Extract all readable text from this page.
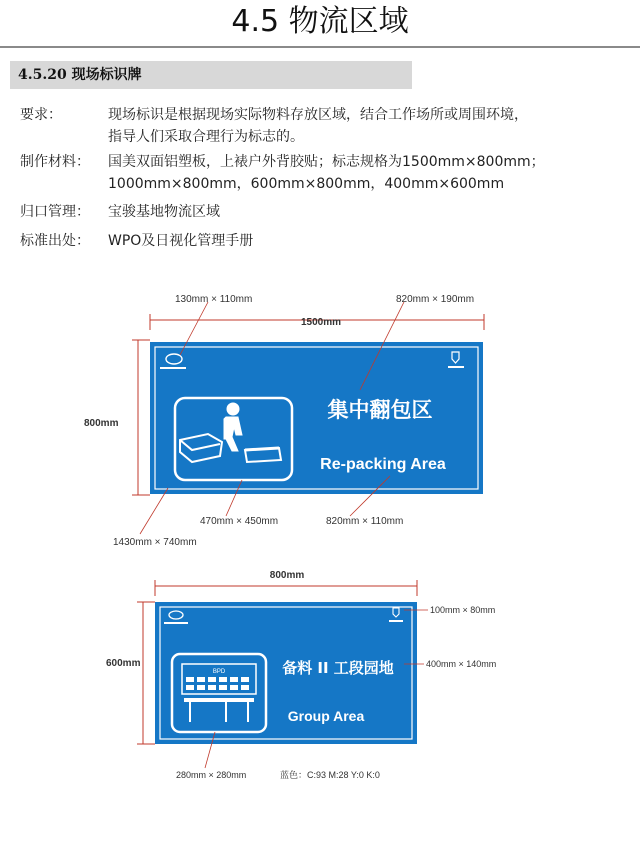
4.5 物流区域
4.5.20 现场标识牌
要求：	现场标识是根据现场实际物料存放区域，结合工作场所或周围环境，
指导人们采取合理行为标志的。
制作材料： 国美双面铝塑板，上裱户外背胶贴；标志规格为1500mm×800mm；
1000mm×800mm，600mm×800mm，400mm×600mm
归口管理： 宝骏基地物流区域
标准出处： WPO及日视化管理手册
1500mm
800mm
集中翻包区
Re-packing Area
130mm × 110mm	820mm × 190mm
470mm × 450mm	820mm × 110mm
1430mm × 740mm
800mm
600mm
BPD	备料 II 工段园地
Group Area
100mm × 80mm
400mm × 140mm
280mm × 280mm	蓝色：C:93 M:28 Y:0 K:0
